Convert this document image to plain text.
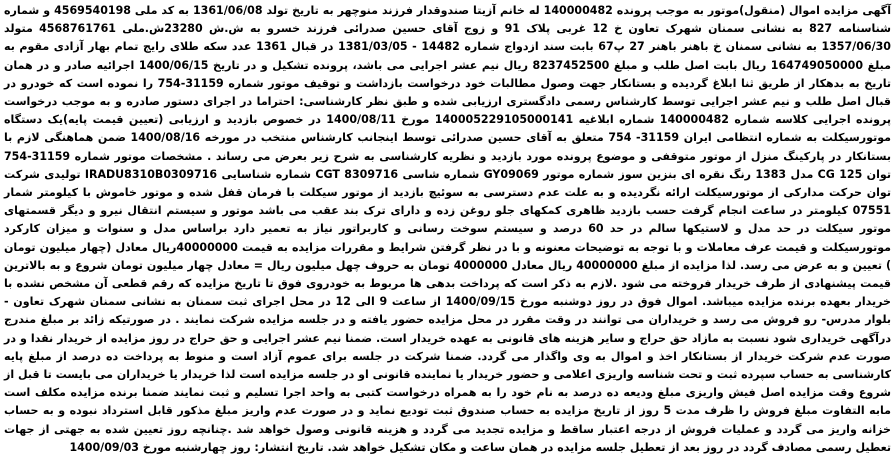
آگهی مزایده اموال (منقول)موتور به موجب پرونده 140000482 له خانم آزیتا صندوقدار فرزند منوچهر به تاریخ تولد 1361/06/08 به کد ملی 4569540198 و شماره شناسنامه 827 به نشانی سمنان شهرک تعاون خ 12 غربی پلاک 91 و زوج آقای حسین صدرائی فرزند خسرو به ش.ش 23280ش.ملی 4568761761 متولد 1357/06/30 به نشانی سمنان خ باهنر باهنر 27 پ67 بابت سند ازدواج شماره 14482 - 1381/03/05 در قبال 1361 عدد سکه طلای رایج تمام بهار آزادی مقوم به مبلغ 164749050000 ریال بابت اصل طلب و مبلغ 8237452500 ریال نیم عشر اجرایی می باشد، پرونده تشکیل و در تاریخ 1400/06/15 اجرائیه صادر و در همان تاریخ به بدهکار از طریق ثنا ابلاغ گردیده و بستانکار جهت وصول مطالبات خود درخواست بازداشت و توقیف موتور شماره 31159-754 را نموده است که خودرو در قبال اصل طلب و نیم عشر اجرایی توسط کارشناس رسمی دادگستری ارزیابی شده و طبق نظر کارشناسی: احتراما در اجرای دستور صادره و به موجب درخواست پرونده اجرایی کلاسه شماره 140000482 شماره ابلاغیه 140005229105000141 مورخ 1400/08/11 در خصوص بازدید و ارزیابی (تعیین قیمت پایه)یک دستگاه موتورسیکلت به شماره انتظامی ایران 31159- 754 متعلق به آقای حسین صدرائی توسط اینجانب کارشناس منتخب در مورخه 1400/08/16 ضمن هماهنگی لازم با بستانکار در پارکینگ منزل از موتور متوقفی و موضوع پرونده مورد بازدید و نظریه کارشناسی به شرح زیر بعرض می رساند . مشخصات موتور شماره 31159-754 توان 125 CG مدل 1383 رنگ نقره ای بنزین سوز شماره موتور GY09069 شماره شاسی 8309716 CGT شماره شناسایی IRADU8310B0309716 تولیدی شرکت توان حرکت مدارکی از موتورسیکلت ارائه نگردیده و به علت عدم دسترسی به سوئیچ بازدید از موتور سیکلت با فرمان قفل شده و موتور خاموش با کیلومتر شمار 07551 کیلومتر در ساعت انجام گرفت حسب بازدید ظاهری کمکهای جلو روغن زده و دارای ترک بند عقب می باشد موتور و سیستم انتقال نیرو و دیگر قسمتهای موتور سیکلت در حد مدل و لاستیکها سالم در حد 60 درصد و سیستم سوخت رسانی و کاربراتور نیاز به تعمیر دارد براساس مدل و سنوات و میزان کارکرد موتورسیکلت و قیمت عرف معاملات و با توجه به توضیحات معنونه و با در نظر گرفتن شرایط و مقررات مزایده به قیمت 40000000ریال معادل (چهار میلیون تومان ) تعیین و به عرض می رسد. لذا مزایده از مبلغ 40000000 ریال معادل 4000000 تومان به حروف چهل میلیون ریال = معادل چهار میلیون تومان شروع و به بالاترین قیمت پیشنهادی از طرف خریدار فروخته می شود .لازم به ذکر است که پرداخت بدهی ها مربوط به خودروی فوق تا تاریخ مزایده که رقم قطعی آن مشخص نشده با خریدار بعهده برنده مزایده میباشد. اموال فوق در روز دوشنبه مورخ 1400/09/15 از ساعت 9 الی 12 در محل اجرای ثبت سمنان به نشانی سمنان شهرک تعاون - بلوار مدرس- رو فروش می رسد و خریداران می توانند در وقت مقرر در محل مزایده حضور یافته و در جلسه مزایده شرکت نمایند . در صورتیکه زائد بر مبلغ مندرج درآگهی خریداری شود نسبت به مازاد حق حراج و سایر هزینه های قانونی به عهده خریدار است. ضمنا نیم عشر اجرایی و حق حراج در روز مزایده از خریدار نقدا و در صورت عدم شرکت خریدار از بستانکار اخذ و اموال به وی واگذار می گردد. ضمنا شرکت در جلسه برای عموم آزاد است و منوط به پرداخت ده درصد از مبلغ پایه کارشناسی به حساب سپرده ثبت و تحت شناسه واریزی اعلامی و حضور خریدار یا نماینده قانونی او در جلسه مزایده است لذا خریدار یا خریداران می بایست تا قبل از شروع وقت مزایده اصل فیش واریزی مبلغ ودیعه ده درصد به نام خود را به همراه درخواست کتبی به واحد اجرا تسلیم و ثبت نمایند ضمنا برنده مزایده مکلف است مابه التفاوت مبلغ فروش را ظرف مدت 5 روز از تاریخ مزایده به حساب صندوق ثبت تودیع نماید و در صورت عدم واریز مبلغ مذکور قابل استرداد نبوده و به حساب خزانه واریز می گردد و عملیات فروش از درجه اعتبار ساقط و مزایده تجدید می گردد و هزینه قانونی وصول خواهد شد .چنانچه روز تعیین شده به جهتی از جهات تعطیل رسمی مصادف گردد در روز بعد از تعطیل جلسه مزایده در همان ساعت و مکان تشکیل خواهد شد. تاریخ انتشار: روز چهارشنبه مورخ 1400/09/03
